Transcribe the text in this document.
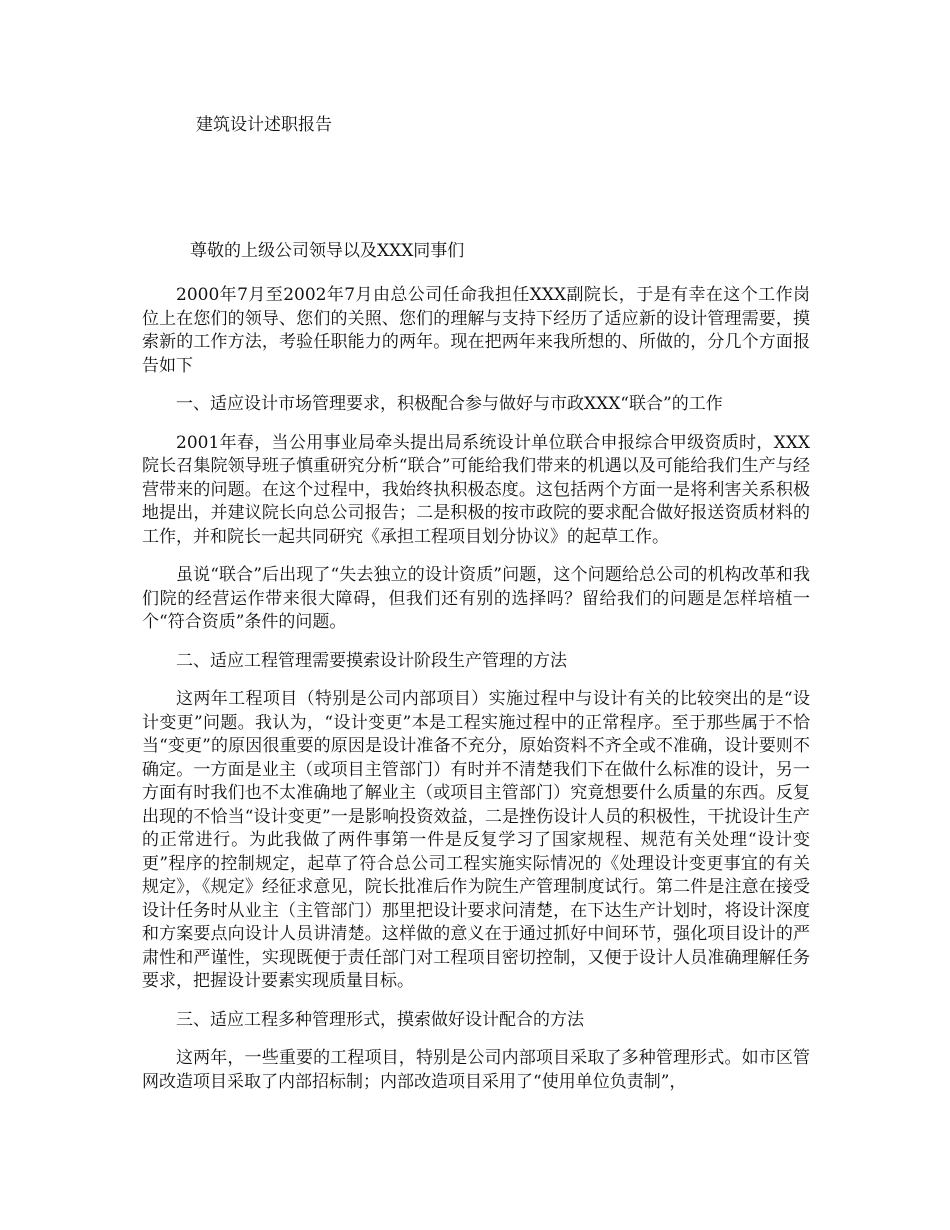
建筑设计述职报告

尊敬的上级公司领导以及XXX同事们

2000年7月至2002年7月由总公司任命我担任XXX副院长，于是有幸在这个工作岗位上在您们的领导、您们的关照、您们的理解与支持下经历了适应新的设计管理需要，摸索新的工作方法，考验任职能力的两年。现在把两年来我所想的、所做的，分几个方面报告如下

一、适应设计市场管理要求，积极配合参与做好与市政XXX“联合”的工作

2001年春，当公用事业局牵头提出局系统设计单位联合申报综合甲级资质时，XXX院长召集院领导班子慎重研究分析“联合”可能给我们带来的机遇以及可能给我们生产与经营带来的问题。在这个过程中，我始终执积极态度。这包括两个方面一是将利害关系积极地提出，并建议院长向总公司报告；二是积极的按市政院的要求配合做好报送资质材料的工作，并和院长一起共同研究《承担工程项目划分协议》的起草工作。

虽说“联合”后出现了“失去独立的设计资质”问题，这个问题给总公司的机构改革和我们院的经营运作带来很大障碍，但我们还有别的选择吗？留给我们的问题是怎样培植一个“符合资质”条件的问题。

二、适应工程管理需要摸索设计阶段生产管理的方法

这两年工程项目（特别是公司内部项目）实施过程中与设计有关的比较突出的是“设计变更”问题。我认为，“设计变更”本是工程实施过程中的正常程序。至于那些属于不恰当“变更”的原因很重要的原因是设计准备不充分，原始资料不齐全或不准确，设计要则不确定。一方面是业主（或项目主管部门）有时并不清楚我们下在做什么标准的设计，另一方面有时我们也不太准确地了解业主（或项目主管部门）究竟想要什么质量的东西。反复出现的不恰当“设计变更”一是影响投资效益，二是挫伤设计人员的积极性，干扰设计生产的正常进行。为此我做了两件事第一件是反复学习了国家规程、规范有关处理“设计变更”程序的控制规定，起草了符合总公司工程实施实际情况的《处理设计变更事宜的有关规定》，《规定》经征求意见，院长批准后作为院生产管理制度试行。第二件是注意在接受设计任务时从业主（主管部门）那里把设计要求问清楚，在下达生产计划时，将设计深度和方案要点向设计人员讲清楚。这样做的意义在于通过抓好中间环节，强化项目设计的严肃性和严谨性，实现既便于责任部门对工程项目密切控制，又便于设计人员准确理解任务要求，把握设计要素实现质量目标。

三、适应工程多种管理形式，摸索做好设计配合的方法

这两年，一些重要的工程项目，特别是公司内部项目采取了多种管理形式。如市区管网改造项目采取了内部招标制；内部改造项目采用了“使用单位负责制”，
